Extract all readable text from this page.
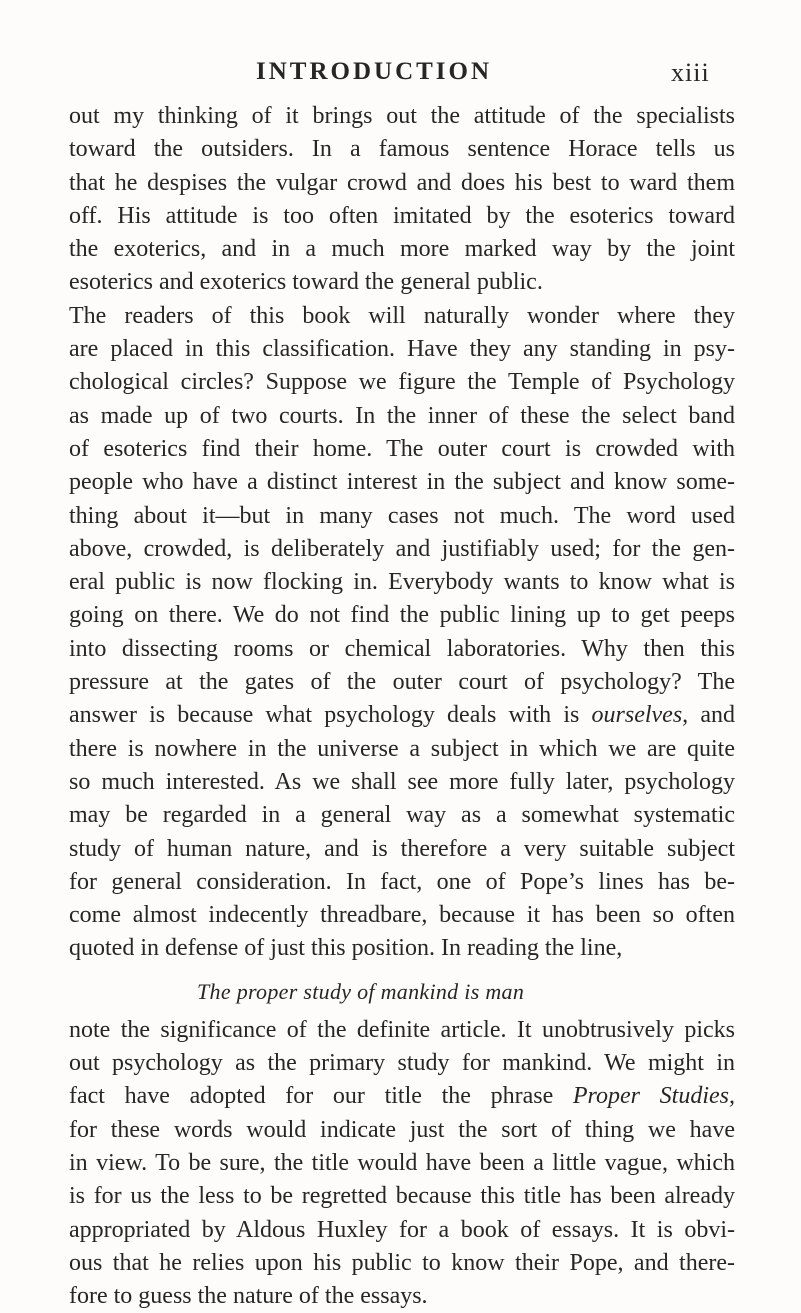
INTRODUCTION	xiii
out my thinking of it brings out the attitude of the specialists
toward the outsiders. In a famous sentence Horace tells us
that he despises the vulgar crowd and does his best to ward them
off. His attitude is too often imitated by the esoterics toward
the exoterics, and in a much more marked way by the joint
esoterics and exoterics toward the general public.
The readers of this book will naturally wonder where they
are placed in this classification. Have they any standing in psy-
chological circles? Suppose we figure the Temple of Psychology
as made up of two courts. In the inner of these the select band
of esoterics find their home. The outer court is crowded with
people who have a distinct interest in the subject and know some-
thing about it—but in many cases not much. The word used
above, crowded, is deliberately and justifiably used; for the gen-
eral public is now flocking in. Everybody wants to know what is
going on there. We do not find the public lining up to get peeps
into dissecting rooms or chemical laboratories. Why then this
pressure at the gates of the outer court of psychology? The
answer is because what psychology deals with is ourselves, and
there is nowhere in the universe a subject in which we are quite
so much interested. As we shall see more fully later, psychology
may be regarded in a general way as a somewhat systematic
study of human nature, and is therefore a very suitable subject
for general consideration. In fact, one of Pope’s lines has be-
come almost indecently threadbare, because it has been so often
quoted in defense of just this position. In reading the line,
The proper study of mankind is man
note the significance of the definite article. It unobtrusively picks
out psychology as the primary study for mankind. We might in
fact have adopted for our title the phrase Proper Studies,
for these words would indicate just the sort of thing we have
in view. To be sure, the title would have been a little vague, which
is for us the less to be regretted because this title has been already
appropriated by Aldous Huxley for a book of essays. It is obvi-
ous that he relies upon his public to know their Pope, and there-
fore to guess the nature of the essays.
